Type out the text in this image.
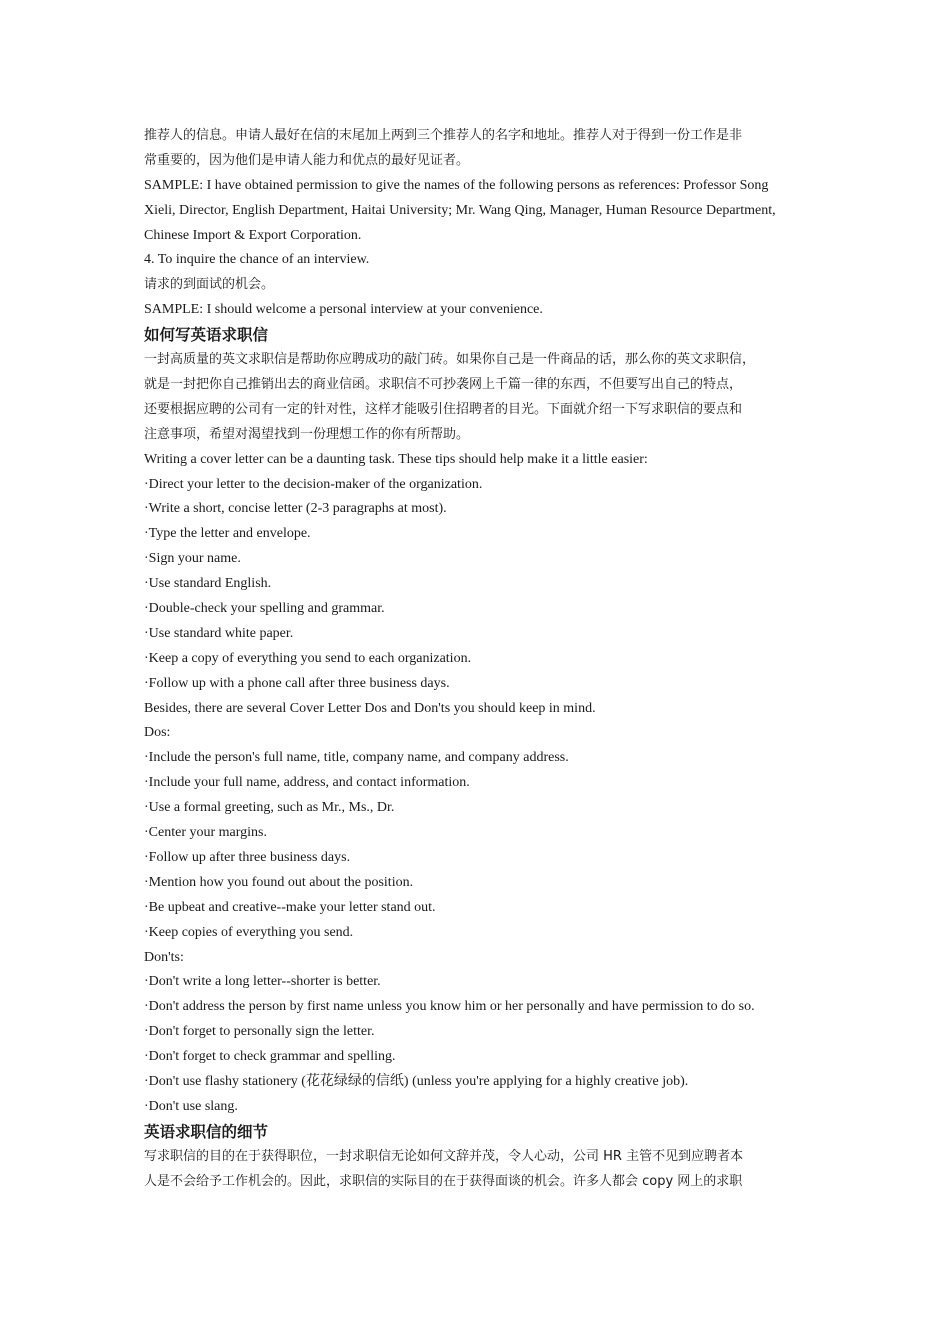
推荐人的信息。申请人最好在信的末尾加上两到三个推荐人的名字和地址。推荐人对于得到一份工作是非

常重要的，因为他们是申请人能力和优点的最好见证者。

SAMPLE: I have obtained permission to give the names of the following persons as references: Professor Song

Xieli, Director, English Department, Haitai University; Mr. Wang Qing, Manager, Human Resource Department,

Chinese Import & Export Corporation.

4. To inquire the chance of an interview.

请求的到面试的机会。

SAMPLE: I should welcome a personal interview at your convenience.

如何写英语求职信

一封高质量的英文求职信是帮助你应聘成功的敲门砖。如果你自己是一件商品的话，那么你的英文求职信，

就是一封把你自己推销出去的商业信函。求职信不可抄袭网上千篇一律的东西，不但要写出自己的特点，

还要根据应聘的公司有一定的针对性，这样才能吸引住招聘者的目光。下面就介绍一下写求职信的要点和

注意事项，希望对渴望找到一份理想工作的你有所帮助。

Writing a cover letter can be a daunting task. These tips should help make it a little easier:

·Direct your letter to the decision-maker of the organization.

·Write a short, concise letter (2-3 paragraphs at most).

·Type the letter and envelope.

·Sign your name.

·Use standard English.

·Double-check your spelling and grammar.

·Use standard white paper.

·Keep a copy of everything you send to each organization.

·Follow up with a phone call after three business days.

Besides, there are several Cover Letter Dos and Don'ts you should keep in mind.

Dos:

·Include the person's full name, title, company name, and company address.

·Include your full name, address, and contact information.

·Use a formal greeting, such as Mr., Ms., Dr.

·Center your margins.

·Follow up after three business days.

·Mention how you found out about the position.

·Be upbeat and creative--make your letter stand out.

·Keep copies of everything you send.

Don'ts:

·Don't write a long letter--shorter is better.

·Don't address the person by first name unless you know him or her personally and have permission to do so.

·Don't forget to personally sign the letter.

·Don't forget to check grammar and spelling.

·Don't use flashy stationery (花花绿绿的信纸) (unless you're applying for a highly creative job).

·Don't use slang.

英语求职信的细节

写求职信的目的在于获得职位，一封求职信无论如何文辞并茂，令人心动，公司 HR 主管不见到应聘者本

人是不会给予工作机会的。因此，求职信的实际目的在于获得面谈的机会。许多人都会 copy 网上的求职
